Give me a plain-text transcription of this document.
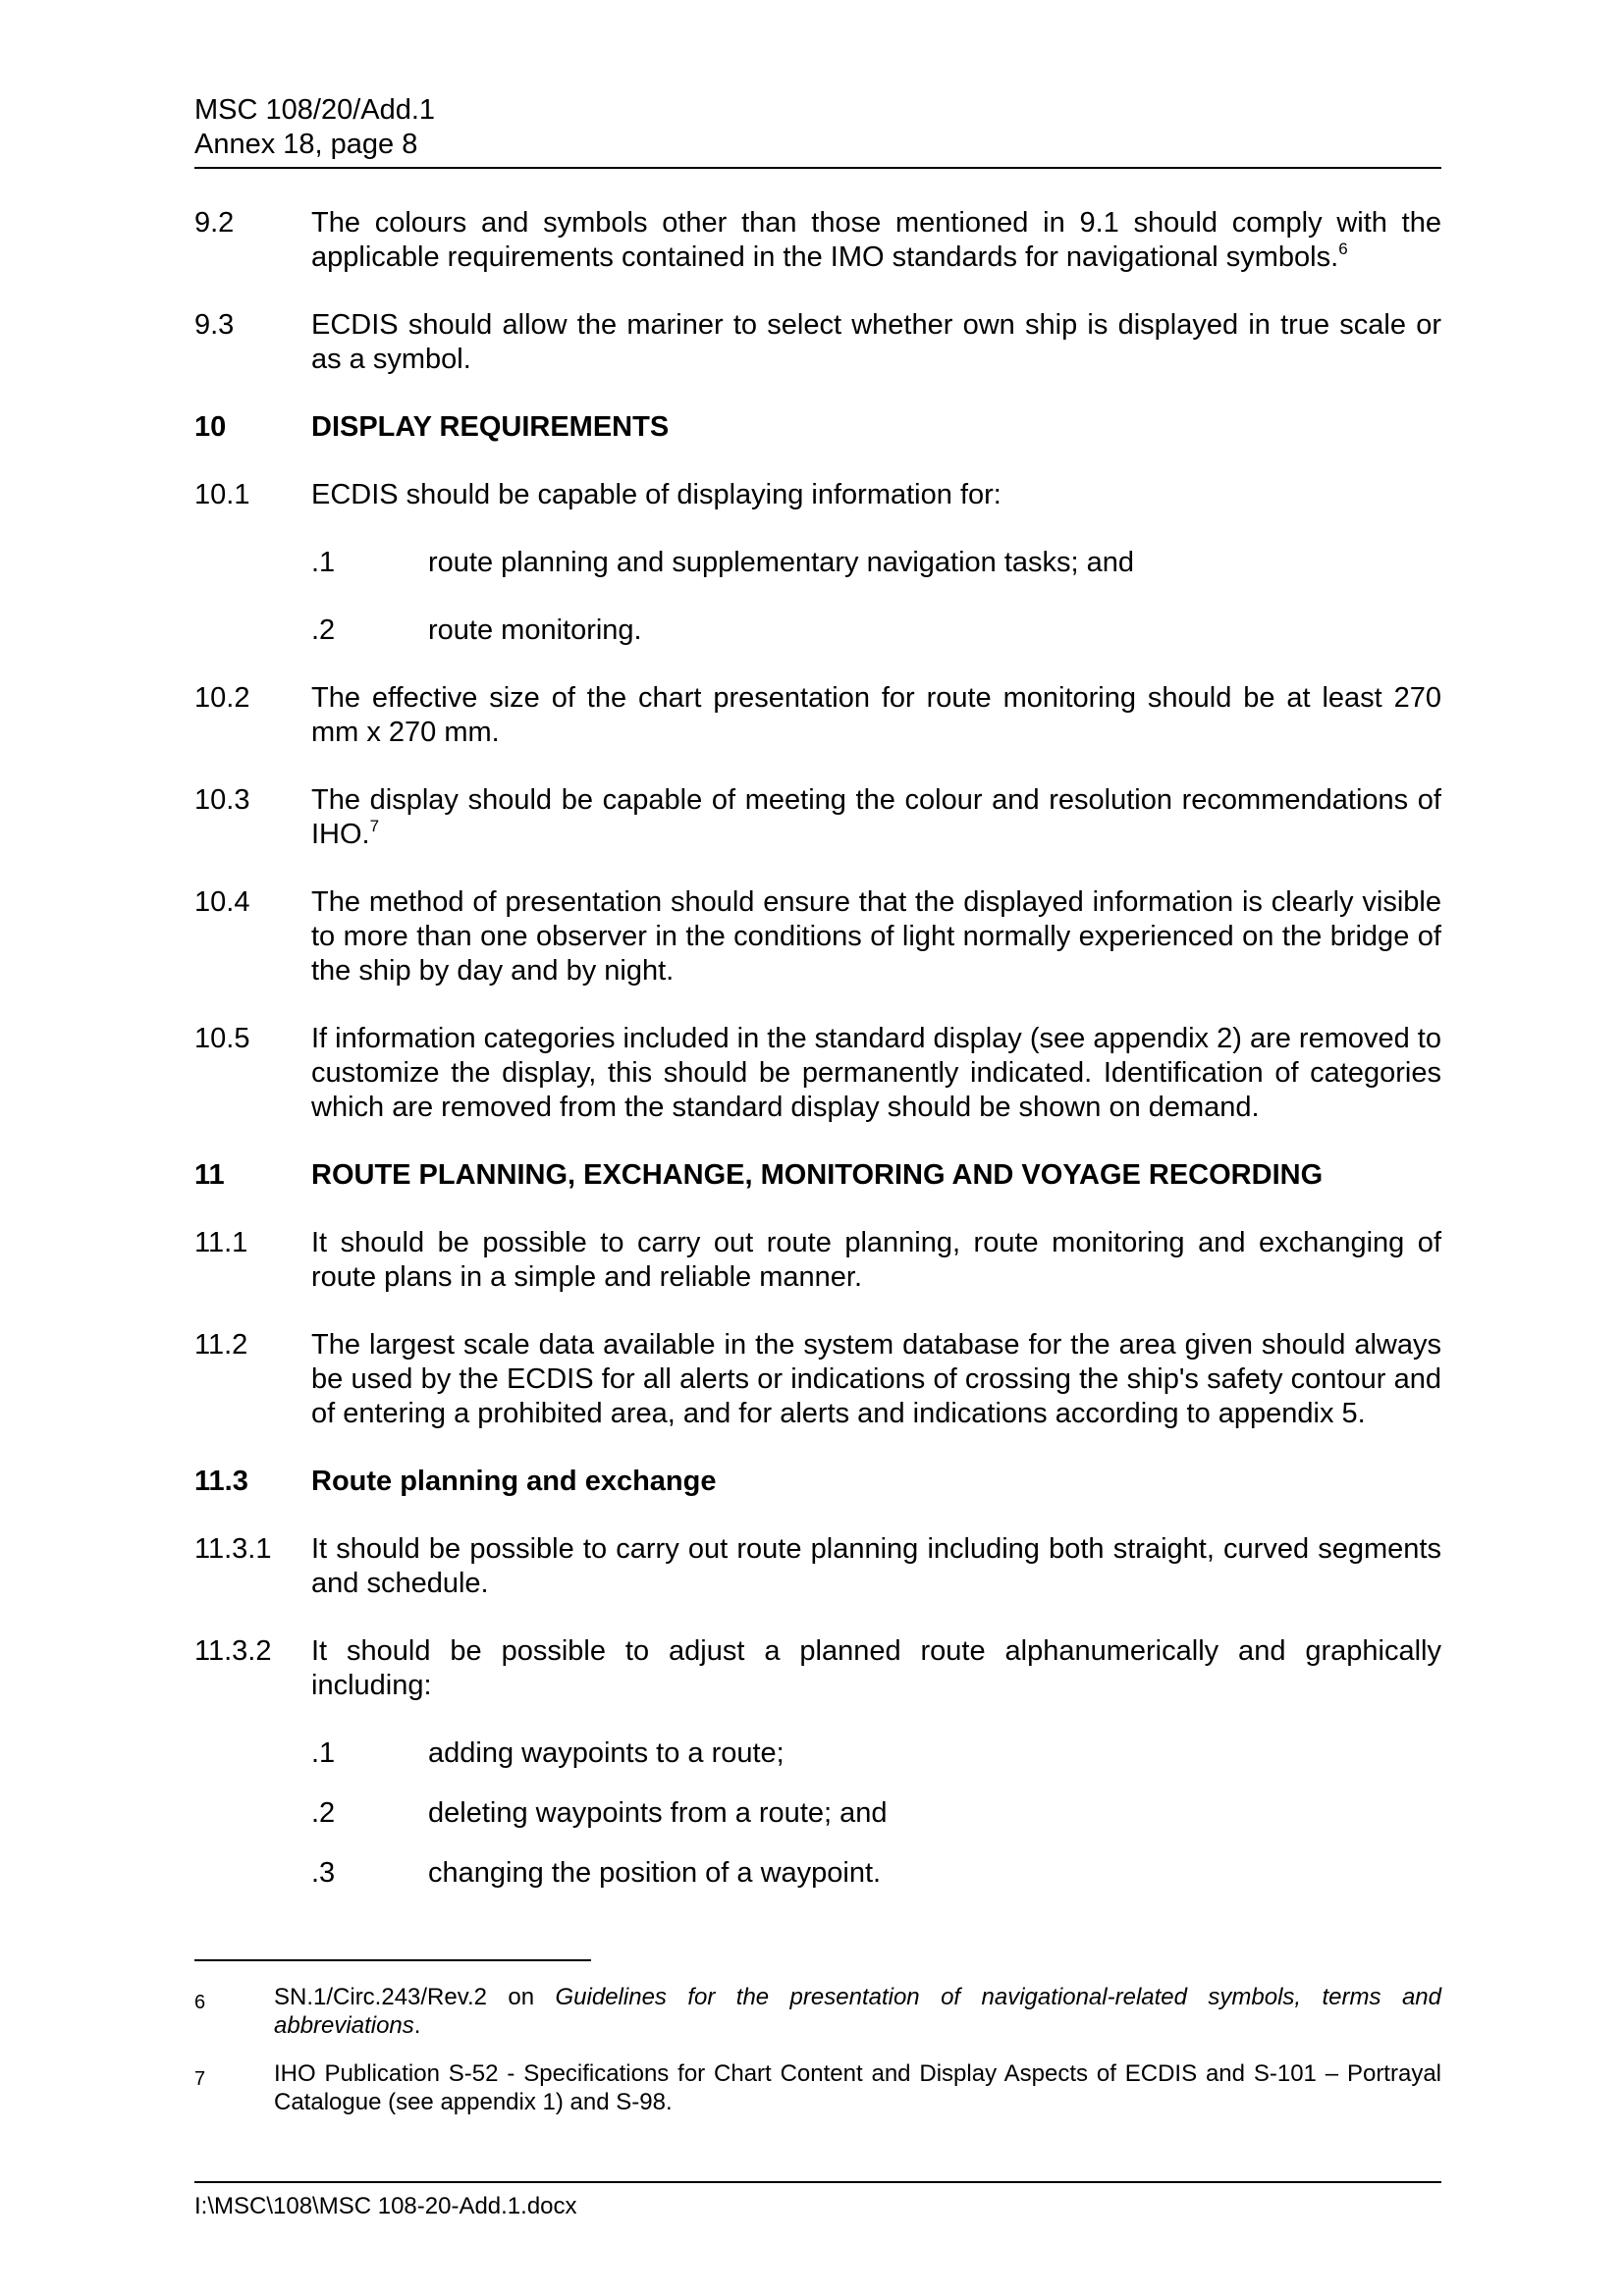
MSC 108/20/Add.1
Annex 18, page 8
9.2	The colours and symbols other than those mentioned in 9.1 should comply with the applicable requirements contained in the IMO standards for navigational symbols.$^6$
9.3	ECDIS should allow the mariner to select whether own ship is displayed in true scale or as a symbol.
10	DISPLAY REQUIREMENTS
10.1	ECDIS should be capable of displaying information for:
.1	route planning and supplementary navigation tasks; and
.2	route monitoring.
10.2	The effective size of the chart presentation for route monitoring should be at least 270 mm x 270 mm.
10.3	The display should be capable of meeting the colour and resolution recommendations of IHO.$^7$
10.4	The method of presentation should ensure that the displayed information is clearly visible to more than one observer in the conditions of light normally experienced on the bridge of the ship by day and by night.
10.5	If information categories included in the standard display (see appendix 2) are removed to customize the display, this should be permanently indicated. Identification of categories which are removed from the standard display should be shown on demand.
11	ROUTE PLANNING, EXCHANGE, MONITORING AND VOYAGE RECORDING
11.1	It should be possible to carry out route planning, route monitoring and exchanging of route plans in a simple and reliable manner.
11.2	The largest scale data available in the system database for the area given should always be used by the ECDIS for all alerts or indications of crossing the ship's safety contour and of entering a prohibited area, and for alerts and indications according to appendix 5.
11.3	Route planning and exchange
11.3.1	It should be possible to carry out route planning including both straight, curved segments and schedule.
11.3.2	It should be possible to adjust a planned route alphanumerically and graphically including:
.1	adding waypoints to a route;
.2	deleting waypoints from a route; and
.3	changing the position of a waypoint.
6	SN.1/Circ.243/Rev.2 on Guidelines for the presentation of navigational-related symbols, terms and abbreviations.
7	IHO Publication S-52 - Specifications for Chart Content and Display Aspects of ECDIS and S-101 – Portrayal Catalogue (see appendix 1) and S-98.
I:\MSC\108\MSC 108-20-Add.1.docx
